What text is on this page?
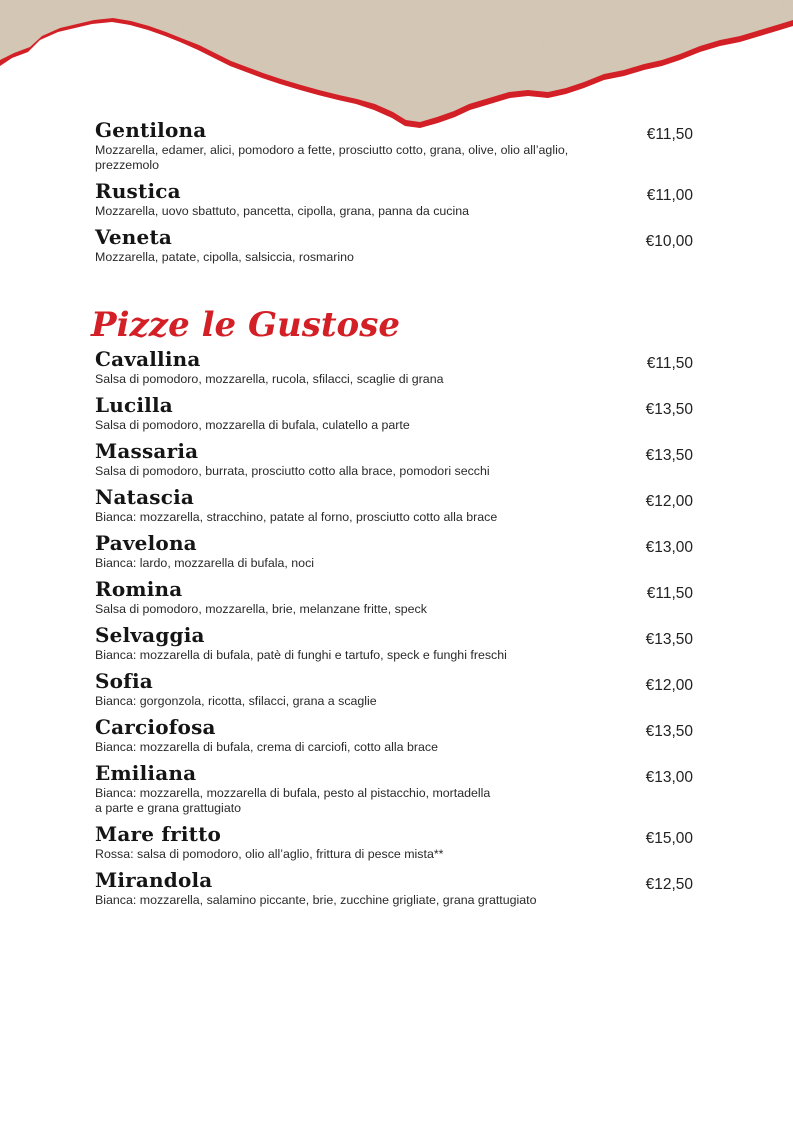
Gentilona
Mozzarella, edamer, alici, pomodoro a fette, prosciutto cotto, grana, olive, olio all’aglio, prezzemolo
€11,50
Rustica
Mozzarella, uovo sbattuto, pancetta, cipolla, grana, panna da cucina
€11,00
Veneta
Mozzarella, patate, cipolla, salsiccia, rosmarino
€10,00
Pizze le Gustose
Cavallina
Salsa di pomodoro, mozzarella, rucola, sfilacci, scaglie di grana
€11,50
Lucilla
Salsa di pomodoro, mozzarella di bufala, culatello a parte
€13,50
Massaria
Salsa di pomodoro, burrata, prosciutto cotto alla brace, pomodori secchi
€13,50
Natascia
Bianca: mozzarella, stracchino, patate al forno, prosciutto cotto alla brace
€12,00
Pavelona
Bianca: lardo, mozzarella di bufala, noci
€13,00
Romina
Salsa di pomodoro, mozzarella, brie, melanzane fritte, speck
€11,50
Selvaggia
Bianca: mozzarella di bufala, patè di funghi e tartufo, speck e funghi freschi
€13,50
Sofia
Bianca: gorgonzola, ricotta, sfilacci, grana a scaglie
€12,00
Carciofosa
Bianca: mozzarella di bufala, crema di carciofi, cotto alla brace
€13,50
Emiliana
Bianca: mozzarella, mozzarella di bufala, pesto al pistacchio, mortadella a parte e grana grattugiato
€13,00
Mare fritto
Rossa: salsa di pomodoro, olio all’aglio, frittura di pesce mista**
€15,00
Mirandola
Bianca: mozzarella, salamino piccante, brie, zucchine grigliate, grana grattugiato
€12,50
